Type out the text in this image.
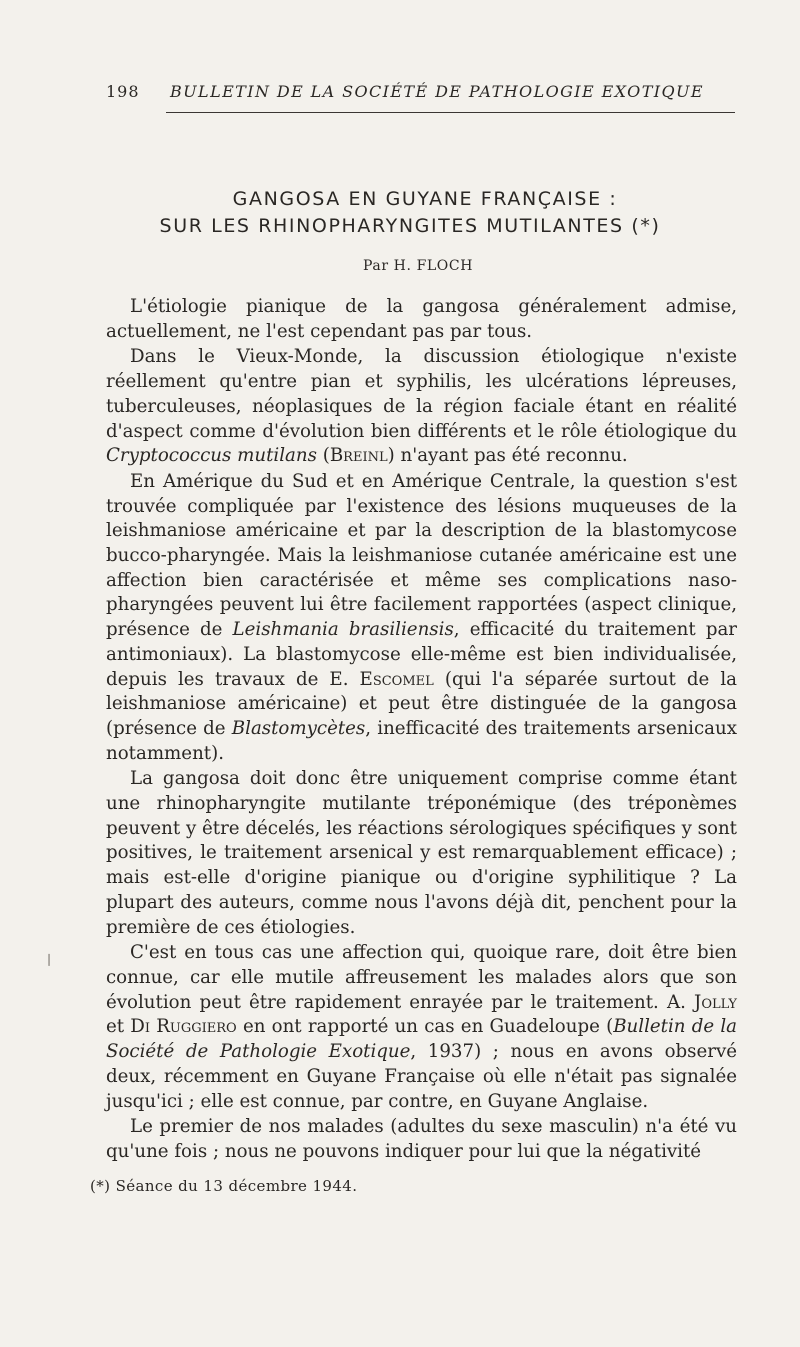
198 BULLETIN DE LA SOCIÉTÉ DE PATHOLOGIE EXOTIQUE
GANGOSA EN GUYANE FRANÇAISE :
SUR LES RHINOPHARYNGITES MUTILANTES (*)
Par H. FLOCH

L'étiologie pianique de la gangosa généralement admise, actuellement, ne l'est cependant pas par tous.

Dans le Vieux-Monde, la discussion étiologique n'existe réellement qu'entre pian et syphilis, les ulcérations lépreuses, tuberculeuses, néoplasiques de la région faciale étant en réalité d'aspect comme d'évolution bien différents et le rôle étiologique du Cryptococcus mutilans (Breinl) n'ayant pas été reconnu.

En Amérique du Sud et en Amérique Centrale, la question s'est trouvée compliquée par l'existence des lésions muqueuses de la leishmaniose américaine et par la description de la blastomycose bucco-pharyngée. Mais la leishmaniose cutanée américaine est une affection bien caractérisée et même ses complications naso-pharyngées peuvent lui être facilement rapportées (aspect clinique, présence de Leishmania brasiliensis, efficacité du traitement par antimoniaux). La blastomycose elle-même est bien individualisée, depuis les travaux de E. Escomel (qui l'a séparée surtout de la leishmaniose américaine) et peut être distinguée de la gangosa (présence de Blastomycètes, inefficacité des traitements arsenicaux notamment).

La gangosa doit donc être uniquement comprise comme étant une rhinopharyngite mutilante tréponémique (des tréponèmes peuvent y être décelés, les réactions sérologiques spécifiques y sont positives, le traitement arsenical y est remarquablement efficace) ; mais est-elle d'origine pianique ou d'origine syphilitique ? La plupart des auteurs, comme nous l'avons déjà dit, penchent pour la première de ces étiologies.

C'est en tous cas une affection qui, quoique rare, doit être bien connue, car elle mutile affreusement les malades alors que son évolution peut être rapidement enrayée par le traitement. A. Jolly et Di Ruggiero en ont rapporté un cas en Guadeloupe (Bulletin de la Société de Pathologie Exotique, 1937) ; nous en avons observé deux, récemment en Guyane Française où elle n'était pas signalée jusqu'ici ; elle est connue, par contre, en Guyane Anglaise.

Le premier de nos malades (adultes du sexe masculin) n'a été vu qu'une fois ; nous ne pouvons indiquer pour lui que la négativité

(*) Séance du 13 décembre 1944.
❘
